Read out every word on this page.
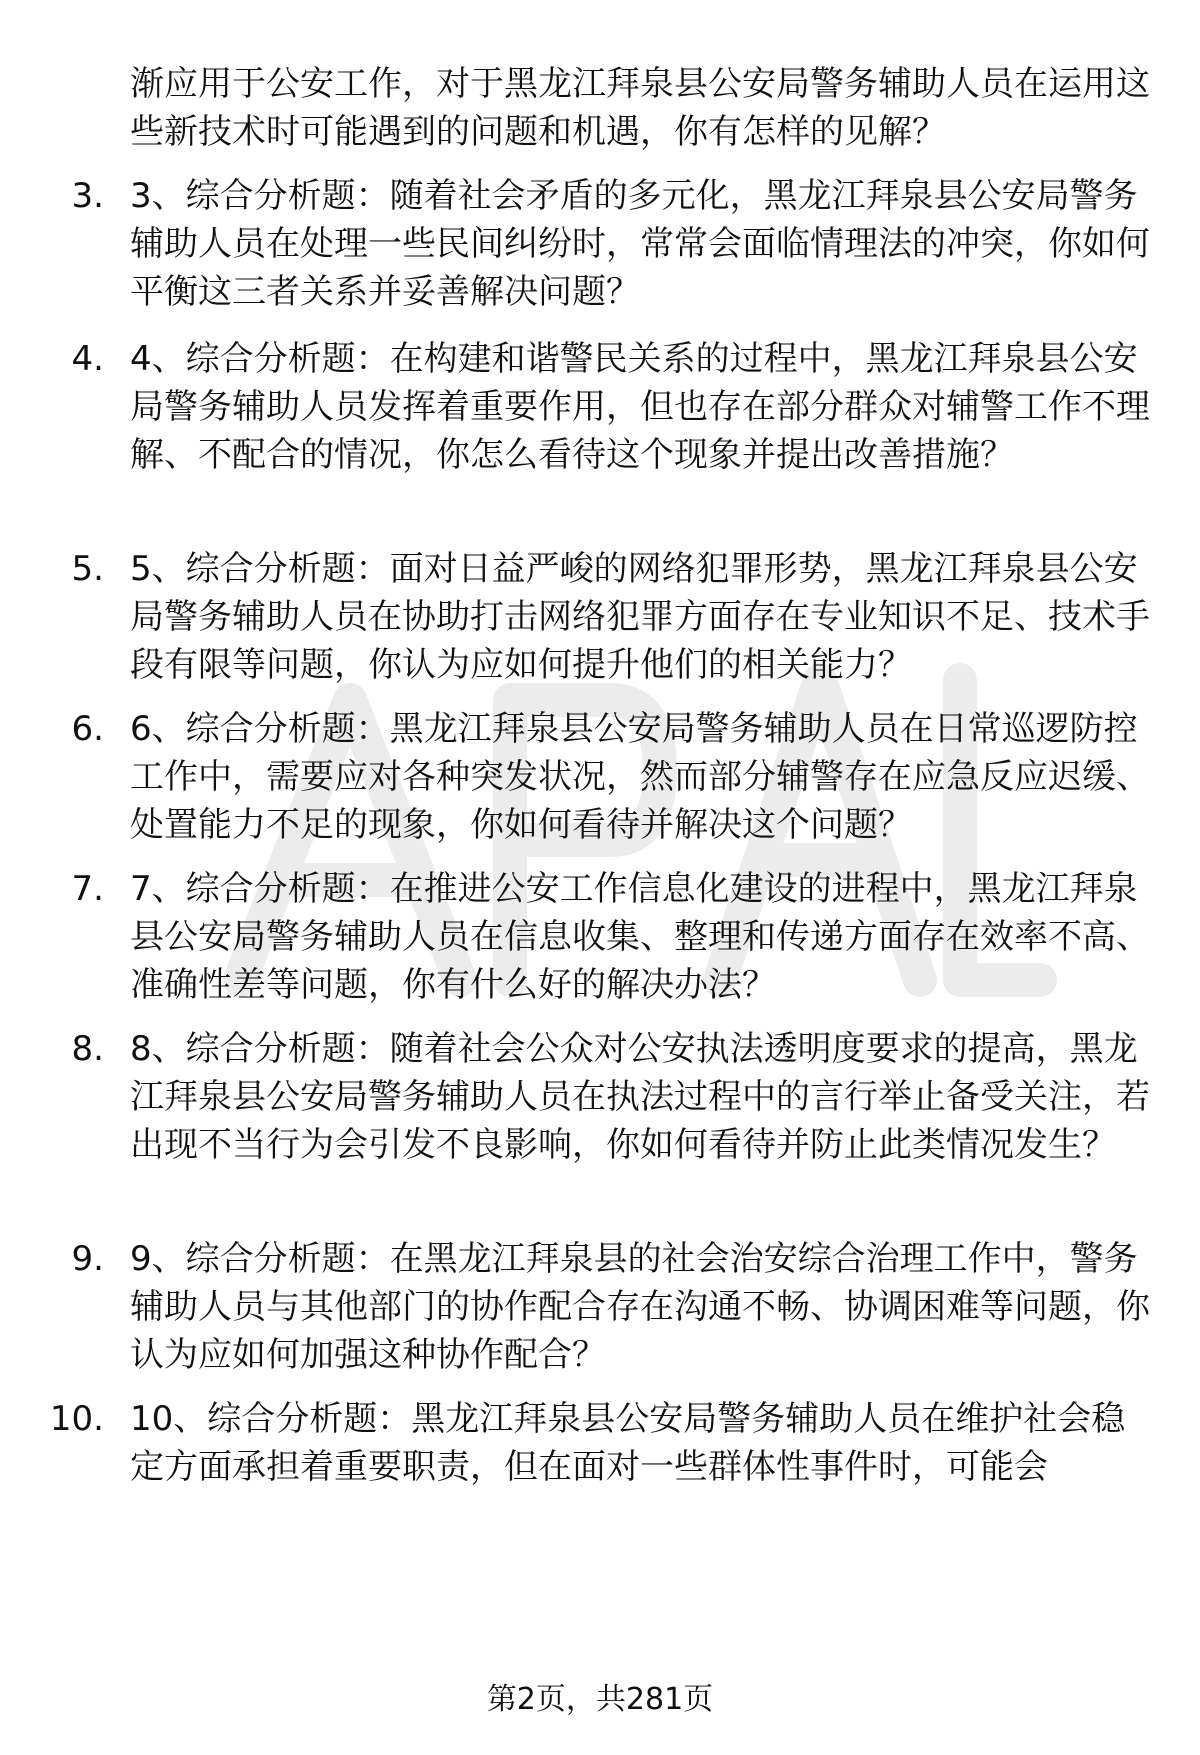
渐应用于公安工作，对于黑龙江拜泉县公安局警务辅助人员在运用这些新技术时可能遇到的问题和机遇，你有怎样的见解？
3. 3、综合分析题：随着社会矛盾的多元化，黑龙江拜泉县公安局警务辅助人员在处理一些民间纠纷时，常常会面临情理法的冲突，你如何平衡这三者关系并妥善解决问题？
4. 4、综合分析题：在构建和谐警民关系的过程中，黑龙江拜泉县公安局警务辅助人员发挥着重要作用，但也存在部分群众对辅警工作不理解、不配合的情况，你怎么看待这个现象并提出改善措施？
5. 5、综合分析题：面对日益严峻的网络犯罪形势，黑龙江拜泉县公安局警务辅助人员在协助打击网络犯罪方面存在专业知识不足、技术手段有限等问题，你认为应如何提升他们的相关能力？
6. 6、综合分析题：黑龙江拜泉县公安局警务辅助人员在日常巡逻防控工作中，需要应对各种突发状况，然而部分辅警存在应急反应迟缓、处置能力不足的现象，你如何看待并解决这个问题？
7. 7、综合分析题：在推进公安工作信息化建设的进程中，黑龙江拜泉县公安局警务辅助人员在信息收集、整理和传递方面存在效率不高、准确性差等问题，你有什么好的解决办法？
8. 8、综合分析题：随着社会公众对公安执法透明度要求的提高，黑龙江拜泉县公安局警务辅助人员在执法过程中的言行举止备受关注，若出现不当行为会引发不良影响，你如何看待并防止此类情况发生？
9. 9、综合分析题：在黑龙江拜泉县的社会治安综合治理工作中，警务辅助人员与其他部门的协作配合存在沟通不畅、协调困难等问题，你认为应如何加强这种协作配合？
10. 10、综合分析题：黑龙江拜泉县公安局警务辅助人员在维护社会稳定方面承担着重要职责，但在面对一些群体性事件时，可能会
第2页，共281页
